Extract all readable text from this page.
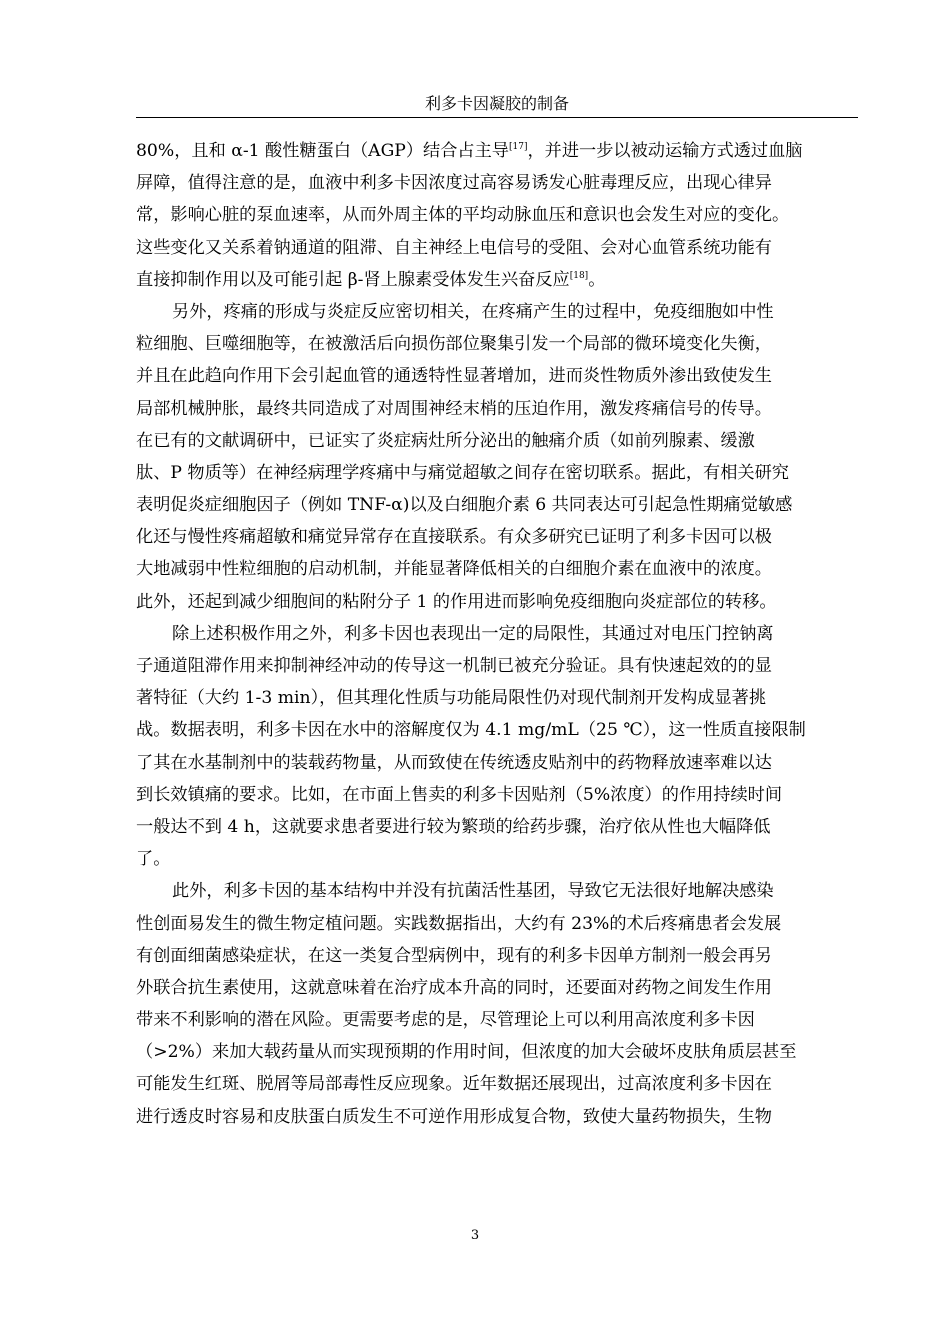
利多卡因凝胶的制备
80%，且和 α-1 酸性糖蛋白（AGP）结合占主导[17]，并进一步以被动运输方式透过血脑
屏障，值得注意的是，血液中利多卡因浓度过高容易诱发心脏毒理反应，出现心律异
常，影响心脏的泵血速率，从而外周主体的平均动脉血压和意识也会发生对应的变化。
这些变化又关系着钠通道的阻滞、自主神经上电信号的受阻、会对心血管系统功能有
直接抑制作用以及可能引起 β-肾上腺素受体发生兴奋反应[18]。
另外，疼痛的形成与炎症反应密切相关，在疼痛产生的过程中，免疫细胞如中性
粒细胞、巨噬细胞等，在被激活后向损伤部位聚集引发一个局部的微环境变化失衡，
并且在此趋向作用下会引起血管的通透特性显著增加，进而炎性物质外渗出致使发生
局部机械肿胀，最终共同造成了对周围神经末梢的压迫作用，激发疼痛信号的传导。
在已有的文献调研中，已证实了炎症病灶所分泌出的触痛介质（如前列腺素、缓激
肽、P 物质等）在神经病理学疼痛中与痛觉超敏之间存在密切联系。据此，有相关研究
表明促炎症细胞因子（例如 TNF-α)以及白细胞介素 6 共同表达可引起急性期痛觉敏感
化还与慢性疼痛超敏和痛觉异常存在直接联系。有众多研究已证明了利多卡因可以极
大地减弱中性粒细胞的启动机制，并能显著降低相关的白细胞介素在血液中的浓度。
此外，还起到减少细胞间的粘附分子 1 的作用进而影响免疫细胞向炎症部位的转移。
除上述积极作用之外，利多卡因也表现出一定的局限性，其通过对电压门控钠离
子通道阻滞作用来抑制神经冲动的传导这一机制已被充分验证。具有快速起效的的显
著特征（大约 1-3 min），但其理化性质与功能局限性仍对现代制剂开发构成显著挑
战。数据表明，利多卡因在水中的溶解度仅为 4.1 mg/mL（25 ℃），这一性质直接限制
了其在水基制剂中的装载药物量，从而致使在传统透皮贴剂中的药物释放速率难以达
到长效镇痛的要求。比如，在市面上售卖的利多卡因贴剂（5%浓度）的作用持续时间
一般达不到 4 h，这就要求患者要进行较为繁琐的给药步骤，治疗依从性也大幅降低
了。
此外，利多卡因的基本结构中并没有抗菌活性基团，导致它无法很好地解决感染
性创面易发生的微生物定植问题。实践数据指出，大约有 23%的术后疼痛患者会发展
有创面细菌感染症状，在这一类复合型病例中，现有的利多卡因单方制剂一般会再另
外联合抗生素使用，这就意味着在治疗成本升高的同时，还要面对药物之间发生作用
带来不利影响的潜在风险。更需要考虑的是，尽管理论上可以利用高浓度利多卡因
（>2%）来加大载药量从而实现预期的作用时间，但浓度的加大会破坏皮肤角质层甚至
可能发生红斑、脱屑等局部毒性反应现象。近年数据还展现出，过高浓度利多卡因在
进行透皮时容易和皮肤蛋白质发生不可逆作用形成复合物，致使大量药物损失，生物
3
